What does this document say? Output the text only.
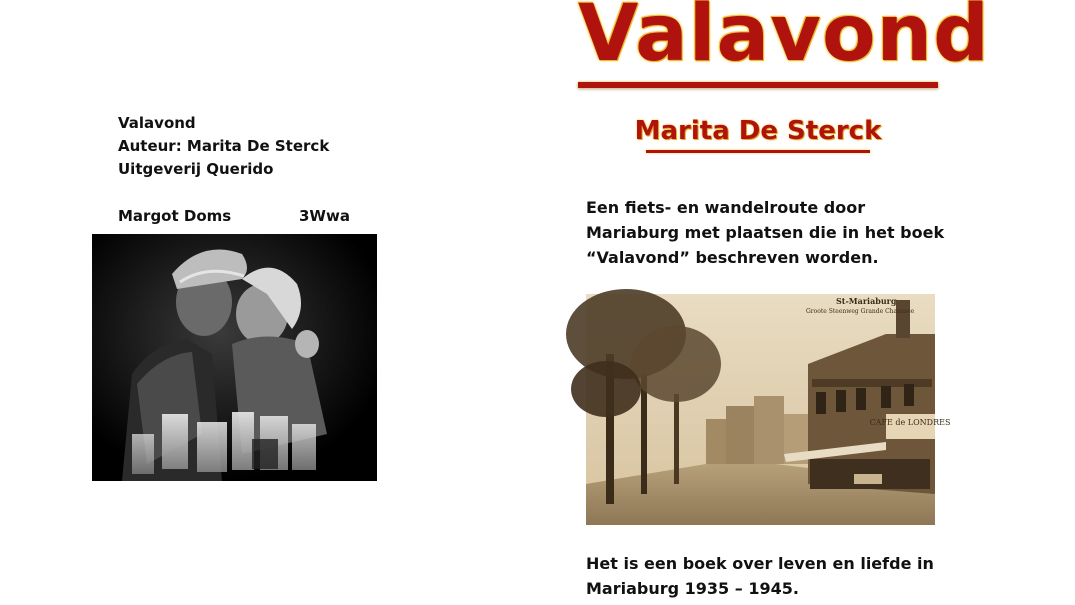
Valavond
Marita De Sterck
Valavond
Auteur: Marita De Sterck
Uitgeverij Querido
Margot Doms	3Wwa	Een fiets- en wandelroute door
Mariaburg met plaatsen die in het boek
“Valavond” beschreven worden.
CAFE de LONDRES
St-Mariaburg
Groote Steenweg Grande Chaussée
Het is een boek over leven en liefde in
Mariaburg 1935 – 1945.
